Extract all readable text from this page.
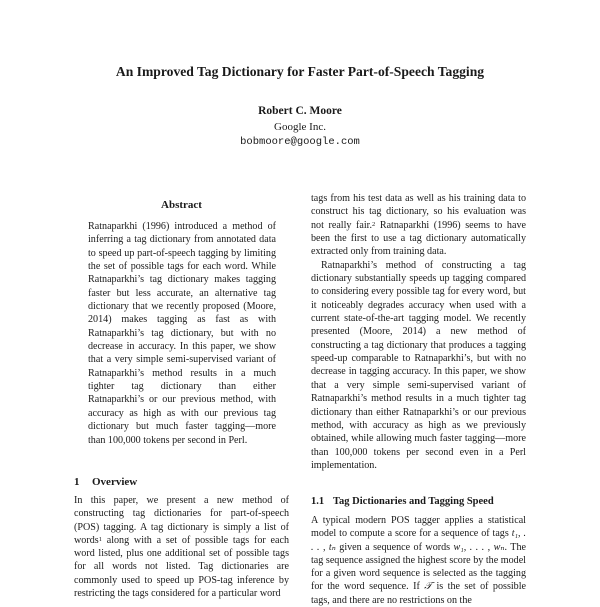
An Improved Tag Dictionary for Faster Part-of-Speech Tagging
Robert C. Moore
Google Inc.
bobmoore@google.com
Abstract

Ratnaparkhi (1996) introduced a method of inferring a tag dictionary from annotated data to speed up part-of-speech tagging by limiting the set of possible tags for each word. While Ratnaparkhi’s tag dictionary makes tagging faster but less accurate, an alternative tag dictionary that we recently proposed (Moore, 2014) makes tagging as fast as with Ratnaparkhi’s tag dictionary, but with no decrease in accuracy. In this paper, we show that a very simple semi-supervised variant of Ratnaparkhi’s method results in a much tighter tag dictionary than either Ratnaparkhi’s or our previous method, with accuracy as high as with our previous tag dictionary but much faster tagging—more than 100,000 tokens per second in Perl.

1 Overview

In this paper, we present a new method of constructing tag dictionaries for part-of-speech (POS) tagging. A tag dictionary is simply a list of words$^1$ along with a set of possible tags for each word listed, plus one additional set of possible tags for all words not listed. Tag dictionaries are commonly used to speed up POS-tag inference by restricting the tags considered for a particular word

tags from his test data as well as his training data to construct his tag dictionary, so his evaluation was not really fair.$^2$ Ratnaparkhi (1996) seems to have been the first to use a tag dictionary automatically extracted only from training data.

Ratnaparkhi’s method of constructing a tag dictionary substantially speeds up tagging compared to considering every possible tag for every word, but it noticeably degrades accuracy when used with a current state-of-the-art tagging model. We recently presented (Moore, 2014) a new method of constructing a tag dictionary that produces a tagging speed-up comparable to Ratnaparkhi’s, but with no decrease in tagging accuracy. In this paper, we show that a very simple semi-supervised variant of Ratnaparkhi’s method results in a much tighter tag dictionary than either Ratnaparkhi’s or our previous method, with accuracy as high as we previously obtained, while allowing much faster tagging—more than 100,000 tokens per second even in a Perl implementation.

1.1 Tag Dictionaries and Tagging Speed

A typical modern POS tagger applies a statistical model to compute a score for a sequence of tags t₁, . . . , tₙ given a sequence of words w₁, . . . , wₙ. The tag sequence assigned the highest score by the model for a given word sequence is selected as the tagging for the word sequence. If 𝒯 is the set of possible tags, and there are no restrictions on the
